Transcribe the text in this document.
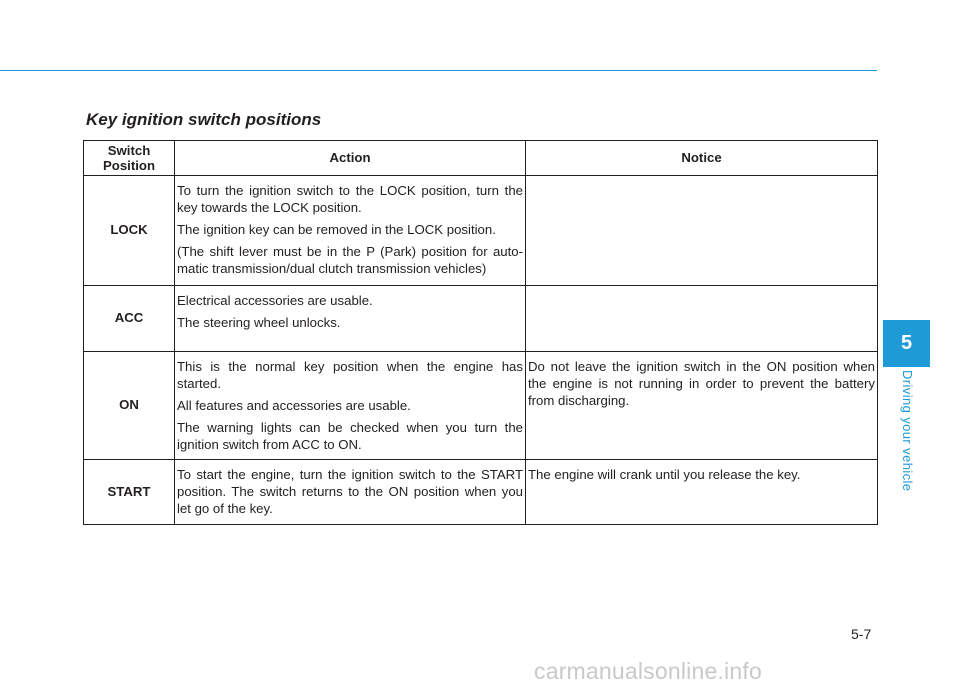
Key ignition switch positions
Switch
Position	Action	Notice
LOCK	To turn the ignition switch to the LOCK position, turn the key towards the LOCK position.

The ignition key can be removed in the LOCK position.

(The shift lever must be in the P (Park) position for auto-matic transmission/dual clutch transmission vehicles)	

ACC	Electrical accessories are usable.

The steering wheel unlocks.	

ON	This is the normal key position when the engine has started.

All features and accessories are usable.

The warning lights can be checked when you turn the ignition switch from ACC to ON.	Do not leave the ignition switch in the ON position when the engine is not running in order to prevent the battery from discharging.

START	To start the engine, turn the ignition switch to the START position. The switch returns to the ON position when you let go of the key.	The engine will crank until you release the key.

5
Driving your vehicle
5-7
carmanualsonline.info
